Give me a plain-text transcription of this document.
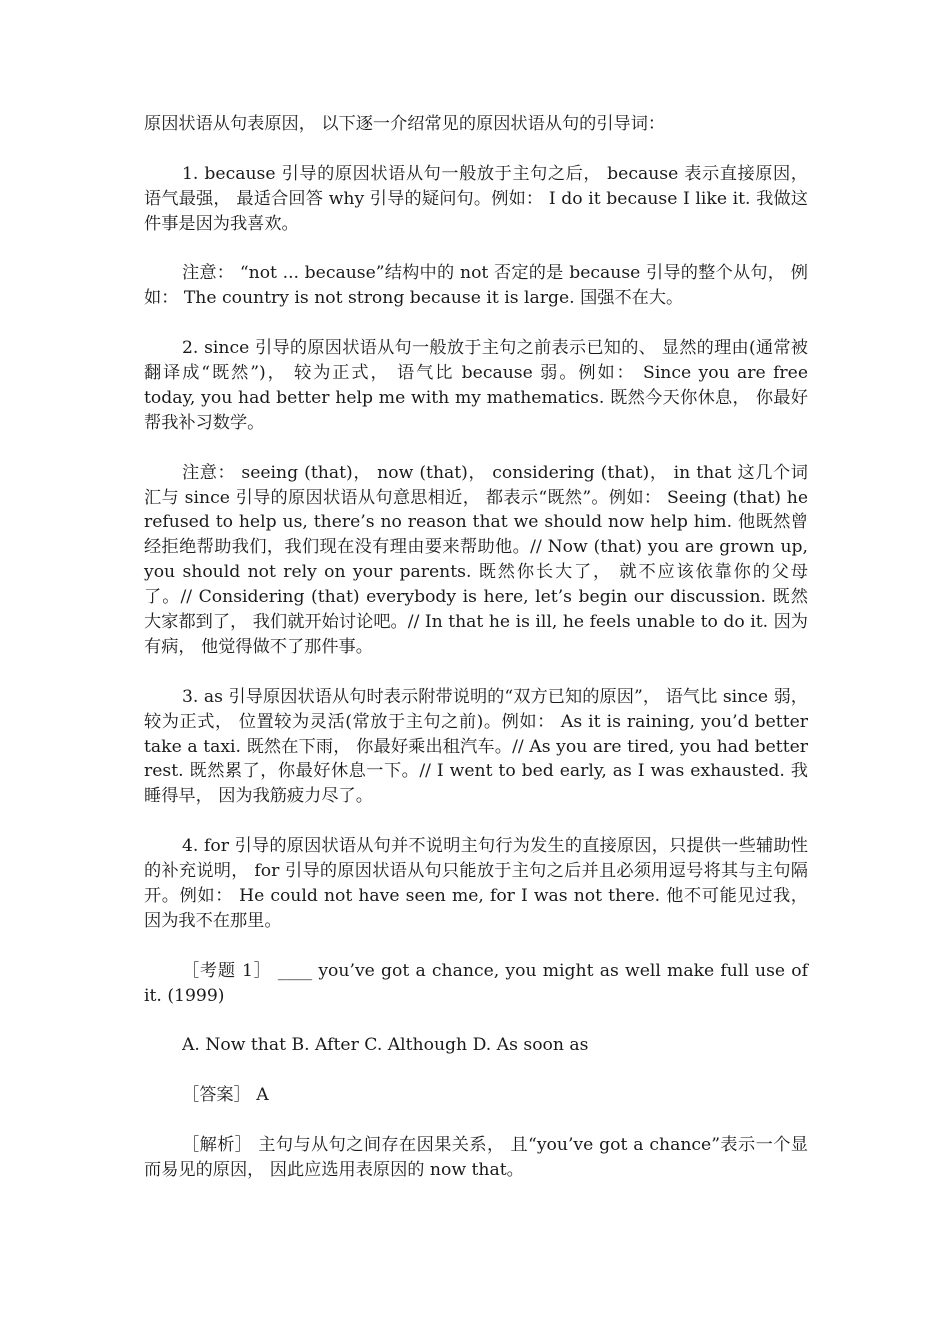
原因状语从句表原因， 以下逐一介绍常见的原因状语从句的引导词：

1. because 引导的原因状语从句一般放于主句之后， because 表示直接原因， 语气最强， 最适合回答 why 引导的疑问句。例如： I do it because I like it. 我做这件事是因为我喜欢。

注意： “not ... because”结构中的 not 否定的是 because 引导的整个从句， 例如： The country is not strong because it is large. 国强不在大。

2. since 引导的原因状语从句一般放于主句之前表示已知的、 显然的理由(通常被翻译成“既然”)， 较为正式， 语气比 because 弱。例如： Since you are free today, you had better help me with my mathematics. 既然今天你休息， 你最好帮我补习数学。

注意： seeing (that)， now (that)， considering (that)， in that 这几个词汇与 since 引导的原因状语从句意思相近， 都表示“既然”。例如： Seeing (that) he refused to help us, there’s no reason that we should now help him. 他既然曾经拒绝帮助我们，我们现在没有理由要来帮助他。// Now (that) you are grown up, you should not rely on your parents. 既然你长大了， 就不应该依靠你的父母了。// Considering (that) everybody is here, let’s begin our discussion. 既然大家都到了， 我们就开始讨论吧。// In that he is ill, he feels unable to do it. 因为有病， 他觉得做不了那件事。

3. as 引导原因状语从句时表示附带说明的“双方已知的原因”， 语气比 since 弱， 较为正式， 位置较为灵活(常放于主句之前)。例如： As it is raining, you’d better take a taxi. 既然在下雨， 你最好乘出租汽车。// As you are tired, you had better rest. 既然累了，你最好休息一下。// I went to bed early, as I was exhausted. 我睡得早， 因为我筋疲力尽了。

4. for 引导的原因状语从句并不说明主句行为发生的直接原因，只提供一些辅助性的补充说明， for 引导的原因状语从句只能放于主句之后并且必须用逗号将其与主句隔开。例如： He could not have seen me, for I was not there. 他不可能见过我， 因为我不在那里。

［考题 1］ ____ you’ve got a chance, you might as well make full use of it. (1999)

A. Now that B. After C. Although D. As soon as

［答案］ A

［解析］ 主句与从句之间存在因果关系， 且“you’ve got a chance”表示一个显而易见的原因， 因此应选用表原因的 now that。
